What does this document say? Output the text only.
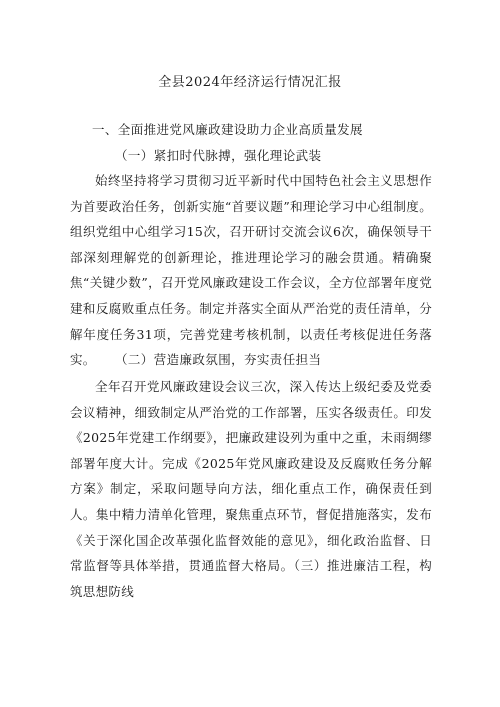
全县2024年经济运行情况汇报
一、全面推进党风廉政建设助力企业高质量发展
（一）紧扣时代脉搏，强化理论武装

始终坚持将学习贯彻习近平新时代中国特色社会主义思想作为首要政治任务，创新实施“首要议题”和理论学习中心组制度。组织党组中心组学习15次，召开研讨交流会议6次，确保领导干部深刻理解党的创新理论，推进理论学习的融会贯通。精确聚焦“关键少数”，召开党风廉政建设工作会议，全方位部署年度党建和反腐败重点任务。制定并落实全面从严治党的责任清单，分解年度任务31项，完善党建考核机制，以责任考核促进任务落实。	（二）营造廉政氛围，夯实责任担当

全年召开党风廉政建设会议三次，深入传达上级纪委及党委会议精神，细致制定从严治党的工作部署，压实各级责任。印发《2025年党建工作纲要》，把廉政建设列为重中之重，未雨绸缪部署年度大计。完成《2025年党风廉政建设及反腐败任务分解方案》制定，采取问题导向方法，细化重点工作，确保责任到人。集中精力清单化管理，聚焦重点环节，督促措施落实，发布《关于深化国企改革强化监督效能的意见》，细化政治监督、日常监督等具体举措，贯通监督大格局。（三）推进廉洁工程，构筑思想防线
